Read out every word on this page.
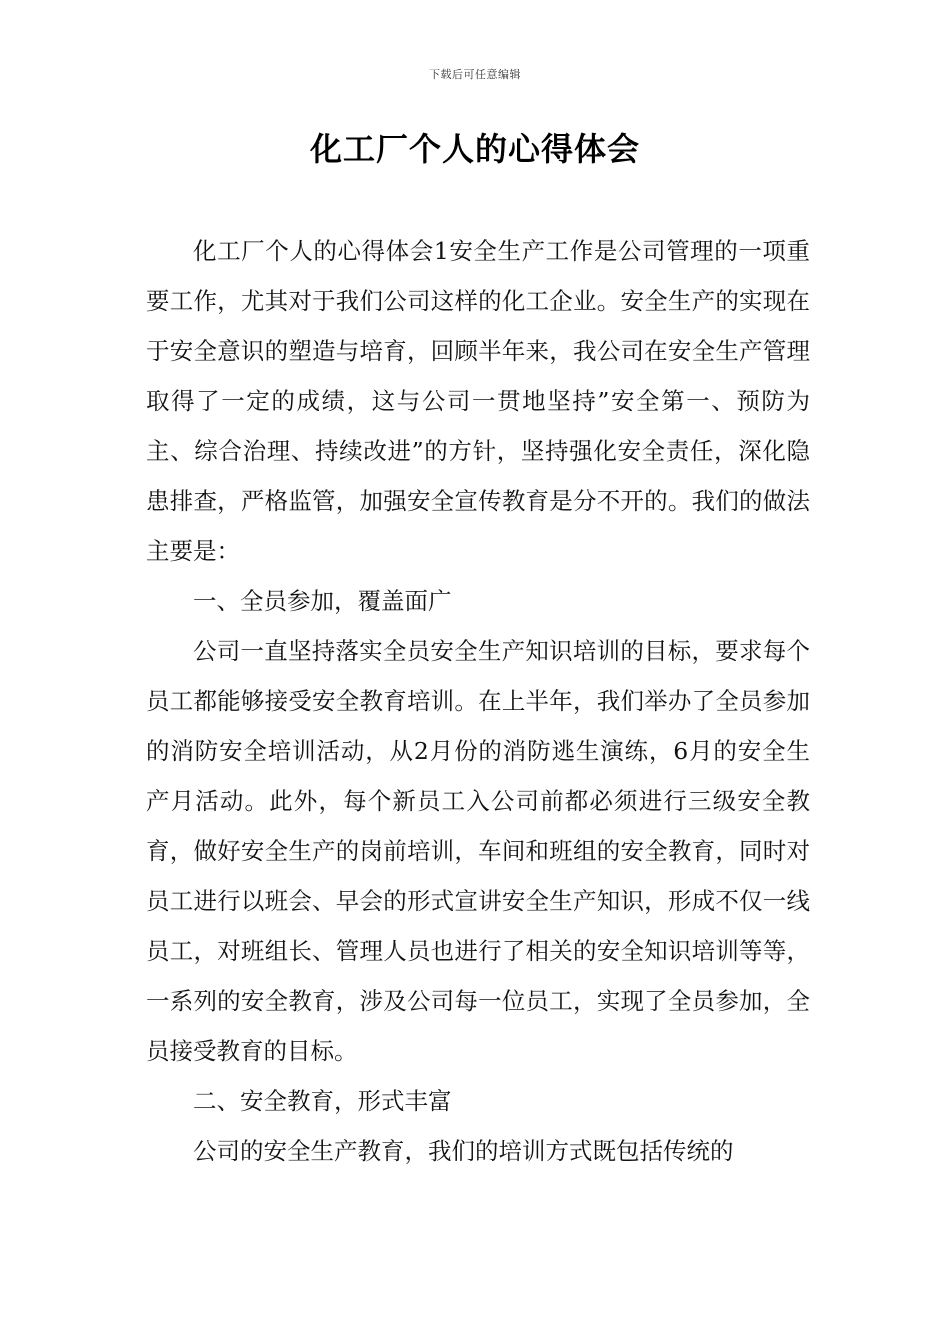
下载后可任意编辑
化工厂个人的心得体会

化工厂个人的心得体会1安全生产工作是公司管理的一项重要工作，尤其对于我们公司这样的化工企业。安全生产的实现在于安全意识的塑造与培育，回顾半年来，我公司在安全生产管理取得了一定的成绩，这与公司一贯地坚持”安全第一、预防为主、综合治理、持续改进”的方针，坚持强化安全责任，深化隐患排查，严格监管，加强安全宣传教育是分不开的。我们的做法主要是：

一、全员参加，覆盖面广

公司一直坚持落实全员安全生产知识培训的目标，要求每个员工都能够接受安全教育培训。在上半年，我们举办了全员参加的消防安全培训活动，从2月份的消防逃生演练，6月的安全生产月活动。此外，每个新员工入公司前都必须进行三级安全教育，做好安全生产的岗前培训，车间和班组的安全教育，同时对员工进行以班会、早会的形式宣讲安全生产知识，形成不仅一线员工，对班组长、管理人员也进行了相关的安全知识培训等等，一系列的安全教育，涉及公司每一位员工，实现了全员参加，全员接受教育的目标。

二、安全教育，形式丰富

公司的安全生产教育，我们的培训方式既包括传统的
